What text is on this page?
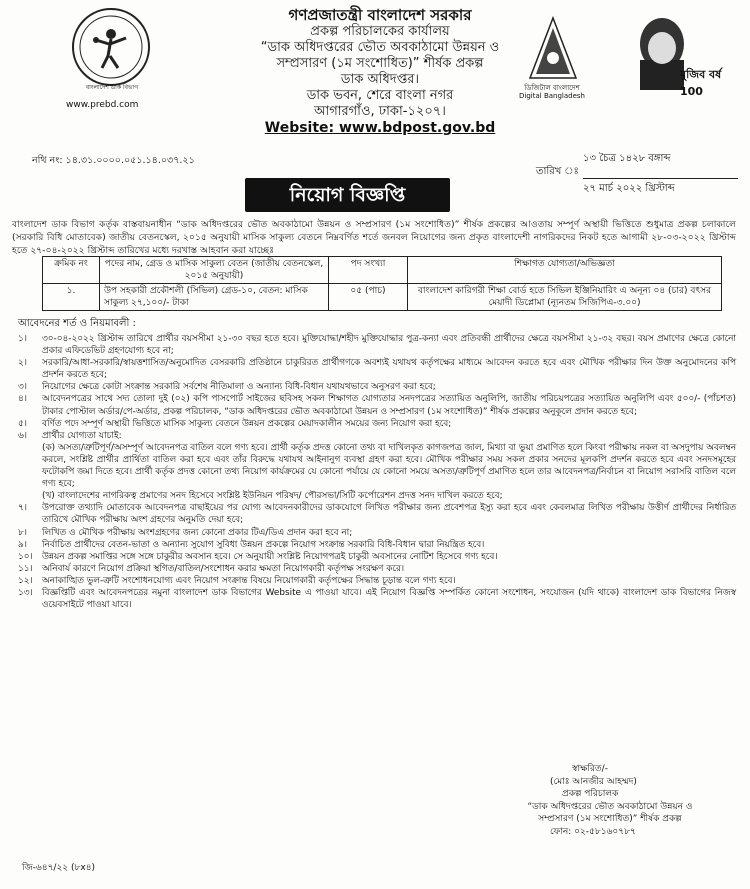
বাংলাদেশ ডাক বিভাগ
www.prebd.com
গণপ্রজাতন্ত্রী বাংলাদেশ সরকার
প্রকল্প পরিচালকের কার্যালয়
“ডাক অধিদপ্তরের ভৌত অবকাঠামো উন্নয়ন ও
সম্প্রসারণ (১ম সংশোধিত)” শীর্ষক প্রকল্প
ডাক অধিদপ্তর।
ডাক ভবন, শেরে বাংলা নগর
আগারগাঁও, ঢাকা-১২০৭।
Website: www.bdpost.gov.bd
ডিজিটাল বাংলাদেশ
Digital Bangladesh
মুজিব বর্ষ 100
নথি নং: ১৪.৩১.০০০০.০৫১.১৪.০৩৭.২১	১৩ চৈত্র ১৪২৮ বঙ্গাব্দ
তারিখ ঃ
২৭ মার্চ ২০২২ খ্রিস্টাব্দ
নিয়োগ বিজ্ঞপ্তি
বাংলাদেশ ডাক বিভাগ কর্তৃক বাস্তবায়নাধীন “ডাক অধিদপ্তরের ভৌত অবকাঠামো উন্নয়ন ও সম্প্রসারণ (১ম সংশোধিত)” শীর্ষক প্রকল্পের আওতায় সম্পূর্ণ অস্থায়ী ভিত্তিতে শুধুমাত্র প্রকল্প চলাকালে (সরকারি বিধি মোতাবেক) জাতীয় বেতনস্কেল, ২০১৫ অনুযায়ী মাসিক সাকুল্য বেতনে নিম্নবর্ণিত শর্তে জনবল নিয়োগের জন্য প্রকৃত বাংলাদেশী নাগরিকদের নিকট হতে আগামী ২৮-০৩-২০২২ খ্রিস্টাব্দ হতে ২৭-০৪-২০২২ খ্রিস্টাব্দ তারিখের মধ্যে দরখাস্ত আহবান করা যাচ্ছেঃ
ক্রমিক নং	পদের নাম, গ্রেড ও মাসিক সাকুল্য বেতন (জাতীয় বেতনস্কেল, ২০১৫ অনুযায়ী)	পদ সংখ্যা	শিক্ষাগত যোগ্যতা/অভিজ্ঞতা
১.	উপ সহকারী প্রকৌশলী (সিভিল) গ্রেড-১০, বেতন: মাসিক সাকুল্য ২৭,১০০/- টাকা	০৫ (পাচ)	বাংলাদেশ কারিগরী শিক্ষা বোর্ড হতে সিভিল ইঞ্জিনিয়ারিং এ অনূন্য ০৪ (চার) বৎসর মেয়াদী ডিপ্লোমা (ন্যূনতম সিজিপিএ-৩.০০)
আবেদনের শর্ত ও নিয়মাবলী :
১।	৩০-০৪-২০২২ খ্রিস্টাব্দ তারিখে প্রার্থীর বয়সসীমা ২১-৩০ বছর হতে হবে। মুক্তিযোদ্ধা/শহীদ মুক্তিযোদ্ধার পুত্র-কন্যা এবং প্রতিবন্ধী প্রার্থীদের ক্ষেত্রে বয়সসীমা ২১-৩২ বছর। বয়স প্রমাণের ক্ষেত্রে কোনো প্রকার এফিডেভিট গ্রহণযোগ্য হবে না;
২।	সরকারি/আধা-সরকারি/স্বায়ত্তশাসিত/অনুমোদিত বেসরকারি প্রতিষ্ঠানে চাকুরিরত প্রার্থীগণকে অবশ্যই যথাযথ কর্তৃপক্ষের মাধ্যমে আবেদন করতে হবে এবং মৌখিক পরীক্ষার দিন উক্ত অনুমোদনের কপি প্রদর্শন করতে হবে;
৩।	নিয়োগের ক্ষেত্রে কোটা সংক্রান্ত সরকারি সর্বশেষ নীতিমালা ও অন্যান্য বিধি-বিধান যথাযথভাবে অনুসরণ করা হবে;
৪।	আবেদনপত্রের সাথে সদ্য তোলা দুই (০২) কপি পাসপোর্ট সাইজের ছবিসহ সকল শিক্ষাগত যোগ্যতার সনদপত্রের সত্যায়িত অনুলিপি, জাতীয় পরিচয়পত্রের সত্যায়িত অনুলিপি এবং ৫০০/- (পাঁচশত) টাকার পোস্টাল অর্ডার/পে-অর্ডার, প্রকল্প পরিচালক, “ডাক অধিদপ্তরের ভৌত অবকাঠামো উন্নয়ন ও সম্প্রসারণ (১ম সংশোধিত)” শীর্ষক প্রকল্পের অনুকূলে প্রদান করতে হবে;
৫।	বর্ণিত পদে সম্পূর্ণ অস্থায়ী ভিত্তিতে মাসিক সাকুল্য বেতনে উন্নয়ন প্রকল্পের মেয়াদকালীন সময়ের জন্য নিয়োগ করা হবে;
৬।	প্রার্থীর যোগ্যতা যাচাই:
(ক) অসত্য/ত্রুটিপূর্ণ/অসম্পূর্ণ আবেদনপত্র বাতিল বলে গণ্য হবে। প্রার্থী কর্তৃক প্রদত্ত কোনো তথ্য বা দাখিলকৃত কাগজপত্র জাল, মিথ্যা বা ভুয়া প্রমাণিত হলে কিংবা পরীক্ষায় নকল বা অসদুপায় অবলম্বন করলে, সংশ্লিষ্ট প্রার্থীর প্রার্থিতা বাতিল করা হবে এবং তাঁর বিরুদ্ধে যথাযথ আইনানুগ ব্যবস্থা গ্রহণ করা হবে। মৌখিক পরীক্ষার সময় সকল প্রকার সনদের মূলকপি প্রদর্শন করতে হবে এবং সনদসমূহের ফটোকপি জমা দিতে হবে। প্রার্থী কর্তৃক প্রদত্ত কোনো তথ্য নিয়োগ কার্যক্রমের যে কোনো পর্যায়ে যে কোনো সময়ে অসত্য/ত্রুটিপূর্ণ প্রমাণিত হলে তার আবেদনপত্র/নির্বাচন বা নিয়োগ সরাসরি বাতিল বলে গণ্য হবে;
(খ) বাংলাদেশের নাগরিকত্ব প্রমাণের সনদ হিসেবে সংশ্লিষ্ট ইউনিয়ন পরিষদ/ পৌরসভা/সিটি কর্পোরেশন প্রদত্ত সনদ দাখিল করতে হবে;
৭।	উপরোক্ত তথ্যাদি মোতাবেক আবেদনপত্র বাছাইয়ের পর যোগ্য আবেদনকারীদের ডাকযোগে লিখিত পরীক্ষার জন্য প্রবেশপত্র ইস্যু করা হবে এবং কেবলমাত্র লিখিত পরীক্ষায় উত্তীর্ণ প্রার্থীদের নির্ধারিত তারিখে মৌখিক পরীক্ষায় অংশ গ্রহণের অনুমতি দেয়া হবে;
৮।	লিখিত ও মৌখিক পরীক্ষায় অংশগ্রহণের জন্য কোনো প্রকার টিএ/ডিএ প্রদান করা হবে না;
৯।	নির্বাচিত প্রার্থীদের বেতন-ভাতা ও অন্যান্য সুযোগ সুবিধা উন্নয়ন প্রকল্পে নিয়োগ সংক্রান্ত সরকারি বিধি-বিধান দ্বারা নিয়ন্ত্রিত হবে।
১০।	উন্নয়ন প্রকল্প সমাপ্তির সঙ্গে সঙ্গে চাকুরীর অবসান হবে। সে অনুযায়ী সংশ্লিষ্ট নিয়োগপত্রই চাকুরী অবসানের নোটিশ হিসেবে গণ্য হবে।
১১।	অনিবার্য কারণে নিয়োগ প্রক্রিয়া স্থগিত/বাতিল/সংশোধন করার ক্ষমতা নিয়োগকারী কর্তৃপক্ষ সংরক্ষণ করে।
১২।	অনাকাঙ্খিত ভুল-ত্রুটি সংশোধনযোগ্য এবং নিয়োগ সংক্রান্ত বিষয়ে নিয়োগকারী কর্তৃপক্ষের সিদ্ধান্ত চূড়ান্ত বলে গণ্য হবে।
১৩।	বিজ্ঞপ্তিটি এবং আবেদনপত্রের নমুনা বাংলাদেশ ডাক বিভাগের Website এ পাওয়া যাবে। এই নিয়োগ বিজ্ঞপ্তি সম্পর্কিত কোনো সংশোধন, সংযোজন (যদি থাকে) বাংলাদেশ ডাক বিভাগের নিজস্ব ওয়েবসাইটে পাওয়া যাবে।
স্বাক্ষরিত/-
(মোঃ আনজীর আহম্মদ)
প্রকল্প পরিচালক
“ডাক অধিদপ্তরের ভৌত অবকাঠামো উন্নয়ন ও
সম্প্রসারণ (১ম সংশোধিত)” শীর্ষক প্রকল্প
ফোন: ০২-৫৮১৬০৭৮৭
জি-৬৪৭/২২ (৮x৪)
